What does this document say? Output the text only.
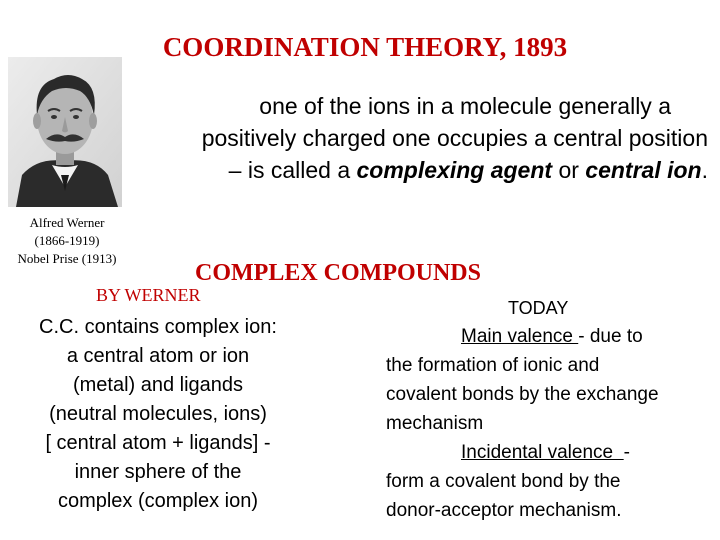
COORDINATION THEORY, 1893
Alfred Werner
(1866-1919)
Nobel Prise (1913)
one of the ions in a molecule generally a
positively charged one occupies a central position
– is called a complexing agent or central ion.
COMPLEX COMPOUNDS
BY WERNER
TODAY
C.C. contains complex ion:
a central atom or ion
(metal) and ligands
(neutral molecules, ions)
[ central atom + ligands] -
inner sphere of the
complex (complex ion)
Main valence - due to
the formation of ionic and
covalent bonds by the exchange
mechanism
Incidental valence  -
form a covalent bond by the
donor-acceptor mechanism.
